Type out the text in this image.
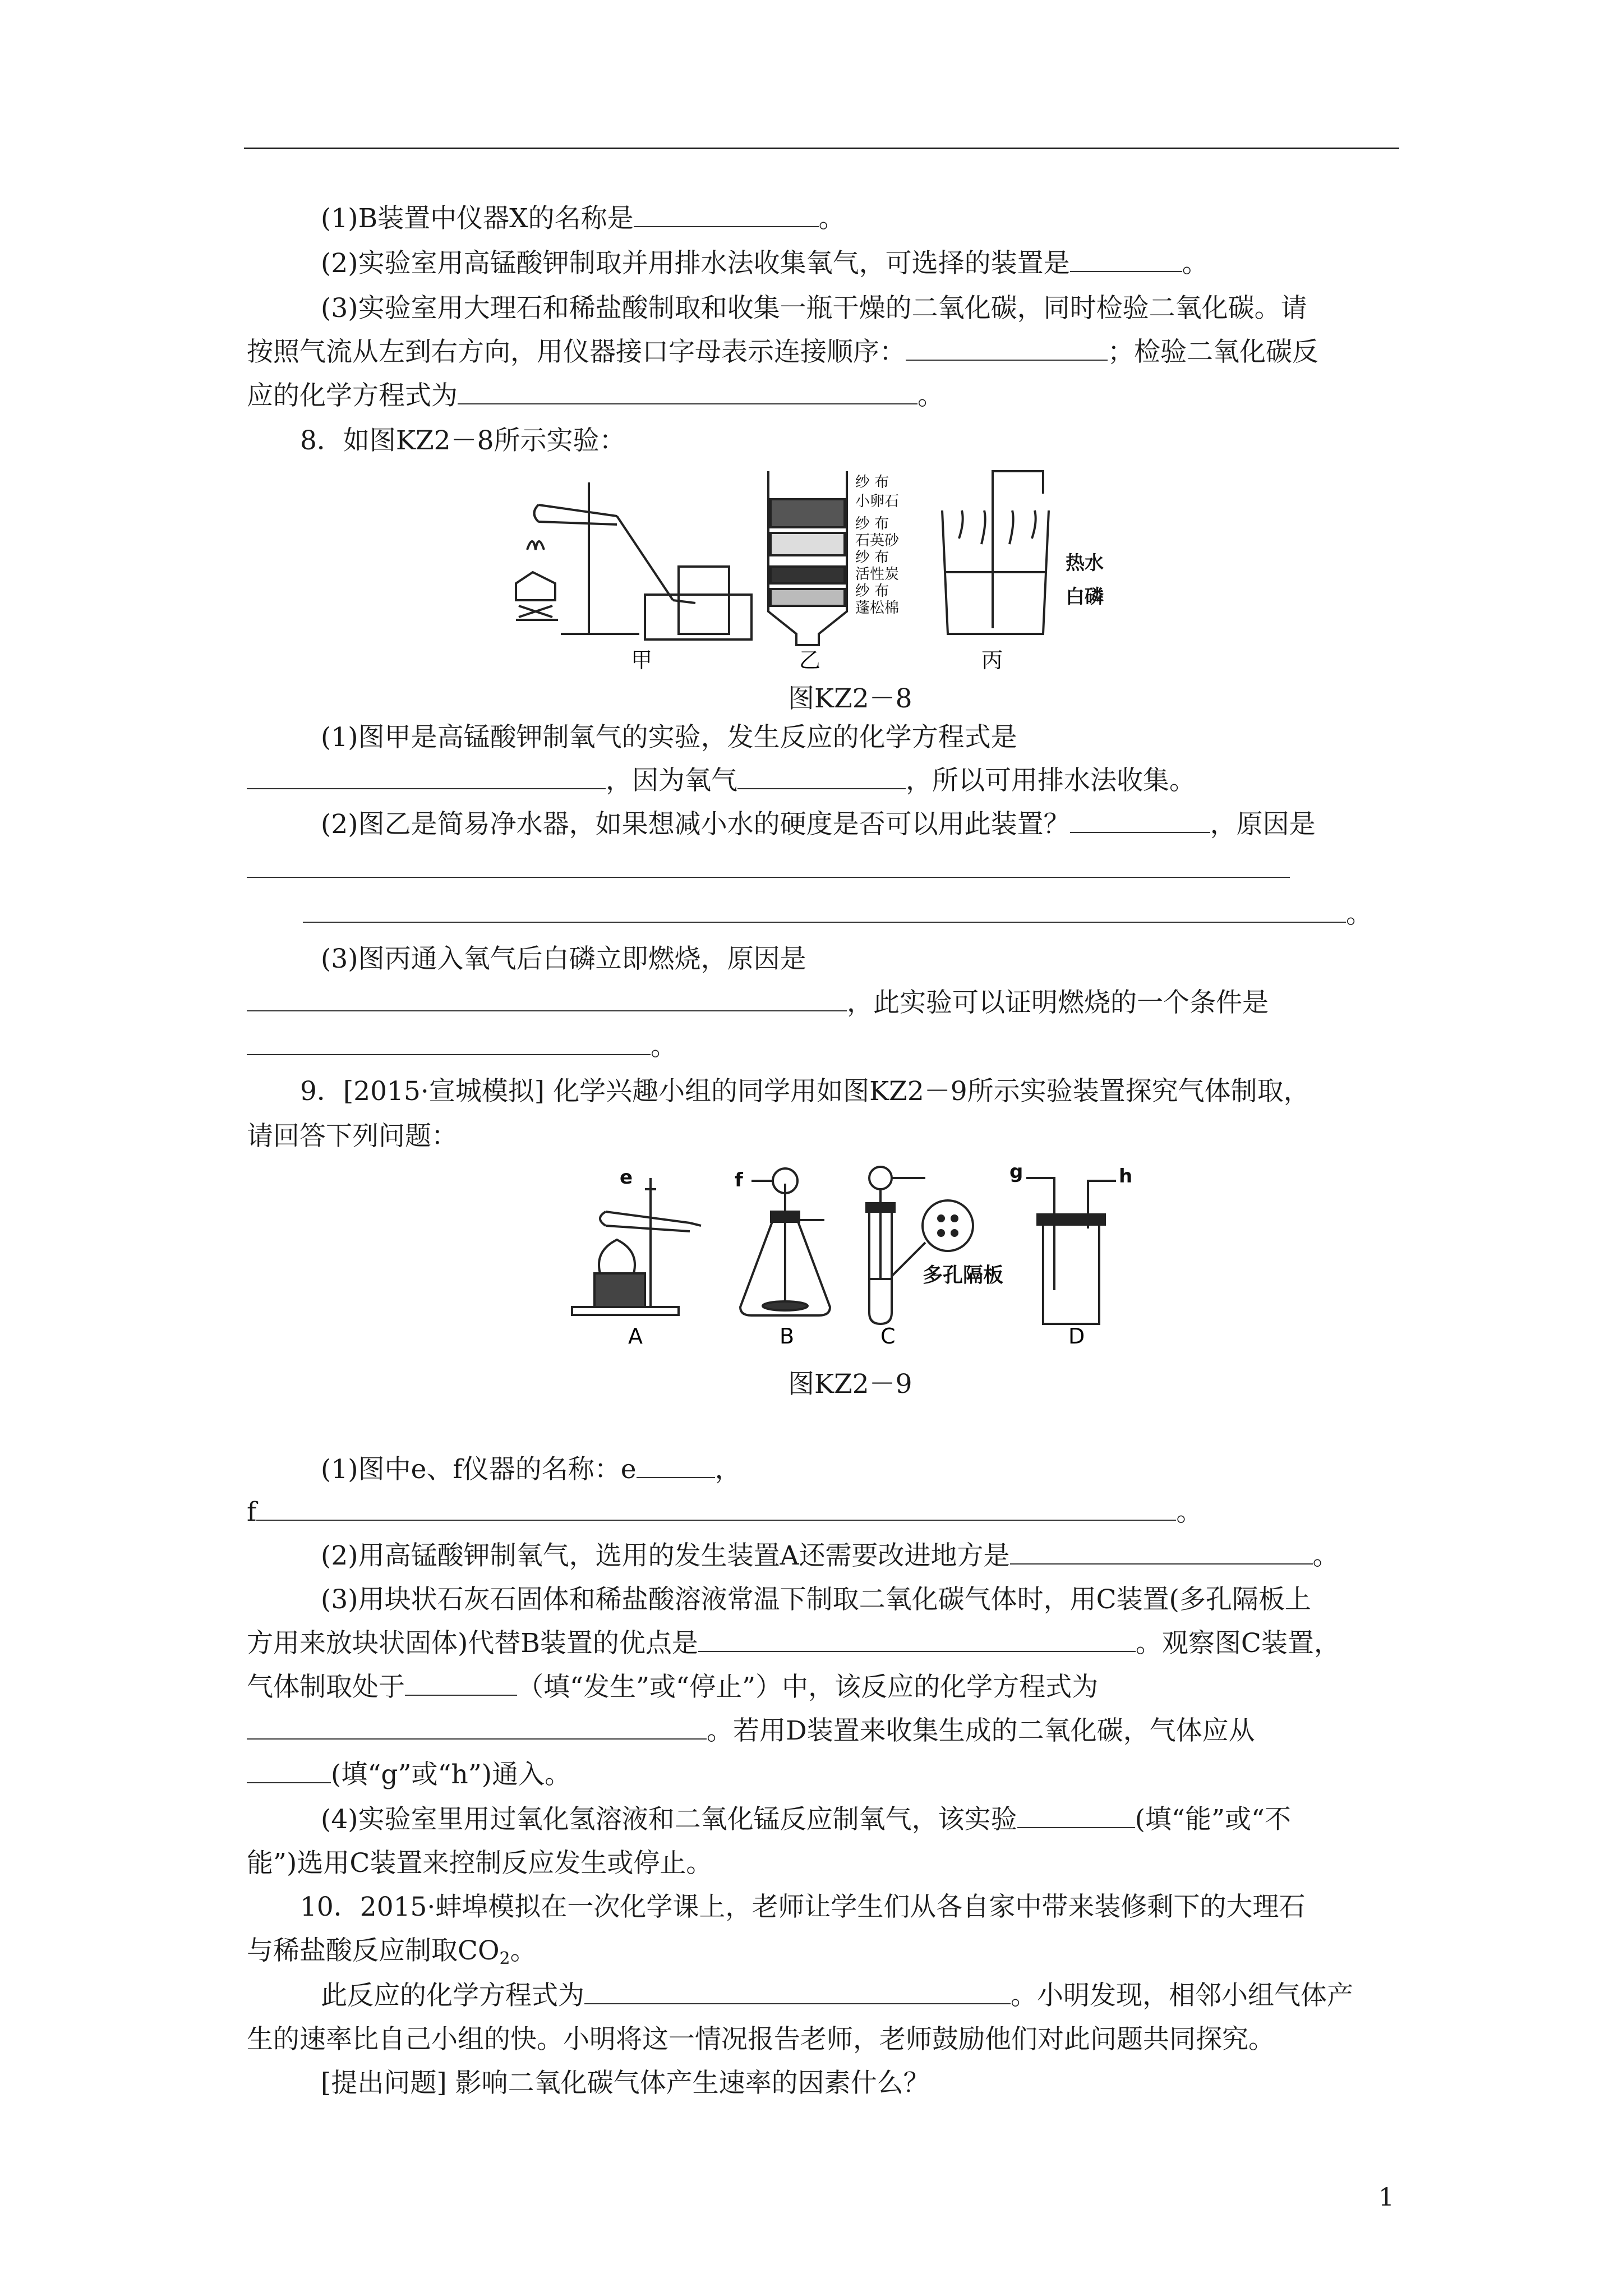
(1)B装置中仪器X的名称是	。
(2)实验室用高锰酸钾制取并用排水法收集氧气，可选择的装置是	。
(3)实验室用大理石和稀盐酸制取和收集一瓶干燥的二氧化碳，同时检验二氧化碳。请
按照气流从左到右方向，用仪器接口字母表示连接顺序：	；检验二氧化碳反
应的化学方程式为	。
8．如图KZ2－8所示实验：
纱 布
小卵石
纱 布
石英砂
纱 布
活性炭
纱 布
蓬松棉
热水
白磷
甲	乙	丙
图KZ2－8
(1)图甲是高锰酸钾制氧气的实验，发生反应的化学方程式是
，因为氧气	，所以可用排水法收集。
(2)图乙是简易净水器，如果想减小水的硬度是否可以用此装置？	，原因是
。
(3)图丙通入氧气后白磷立即燃烧，原因是
，此实验可以证明燃烧的一个条件是
。
9．[2015·宣城模拟] 化学兴趣小组的同学用如图KZ2－9所示实验装置探究气体制取，
请回答下列问题：
e	f
多孔隔板
g	h
A	B	C	D
图KZ2－9
(1)图中e、f仪器的名称：e	，
f	。
(2)用高锰酸钾制氧气，选用的发生装置A还需要改进地方是	。
(3)用块状石灰石固体和稀盐酸溶液常温下制取二氧化碳气体时，用C装置(多孔隔板上
方用来放块状固体)代替B装置的优点是	。观察图C装置，
气体制取处于	（填“发生”或“停止”）中，该反应的化学方程式为
。若用D装置来收集生成的二氧化碳，气体应从
(填“g”或“h”)通入。
(4)实验室里用过氧化氢溶液和二氧化锰反应制氧气，该实验	(填“能”或“不
能”)选用C装置来控制反应发生或停止。
10．2015·蚌埠模拟在一次化学课上，老师让学生们从各自家中带来装修剩下的大理石
与稀盐酸反应制取$CO_2$。
此反应的化学方程式为	。小明发现，相邻小组气体产
生的速率比自己小组的快。小明将这一情况报告老师，老师鼓励他们对此问题共同探究。
[提出问题] 影响二氧化碳气体产生速率的因素什么？
1
